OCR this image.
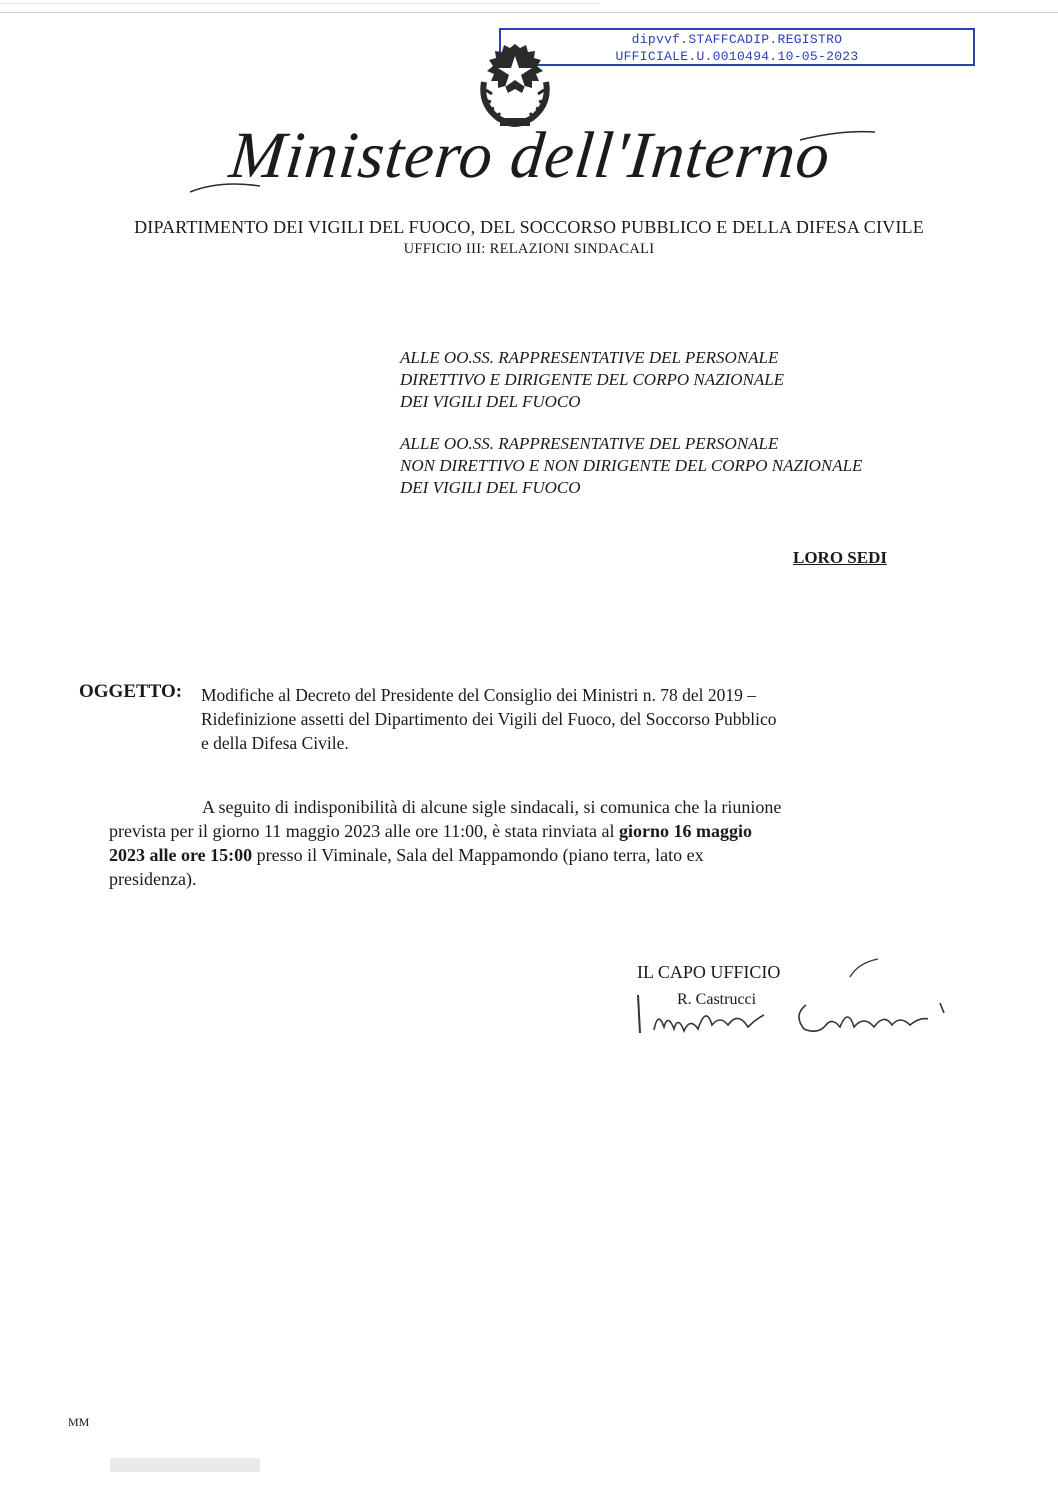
dipvvf.STAFFCADIP.REGISTRO
UFFICIALE.U.0010494.10-05-2023
Ministero dell'Interno
DIPARTIMENTO DEI VIGILI DEL FUOCO, DEL SOCCORSO PUBBLICO E DELLA DIFESA CIVILE
UFFICIO III: RELAZIONI SINDACALI
ALLE OO.SS. RAPPRESENTATIVE DEL PERSONALE
DIRETTIVO E DIRIGENTE DEL CORPO NAZIONALE
DEI VIGILI DEL FUOCO
ALLE OO.SS. RAPPRESENTATIVE DEL PERSONALE
NON DIRETTIVO E NON DIRIGENTE DEL CORPO NAZIONALE
DEI VIGILI DEL FUOCO
LORO SEDI
OGGETTO: Modifiche al Decreto del Presidente del Consiglio dei Ministri n. 78 del 2019 –
Ridefinizione assetti del Dipartimento dei Vigili del Fuoco, del Soccorso Pubblico
e della Difesa Civile.
A seguito di indisponibilità di alcune sigle sindacali, si comunica che la riunione
prevista per il giorno 11 maggio 2023 alle ore 11:00, è stata rinviata al giorno 16 maggio
2023 alle ore 15:00 presso il Viminale, Sala del Mappamondo (piano terra, lato ex
presidenza).
IL CAPO UFFICIO
R. Castrucci
MM
